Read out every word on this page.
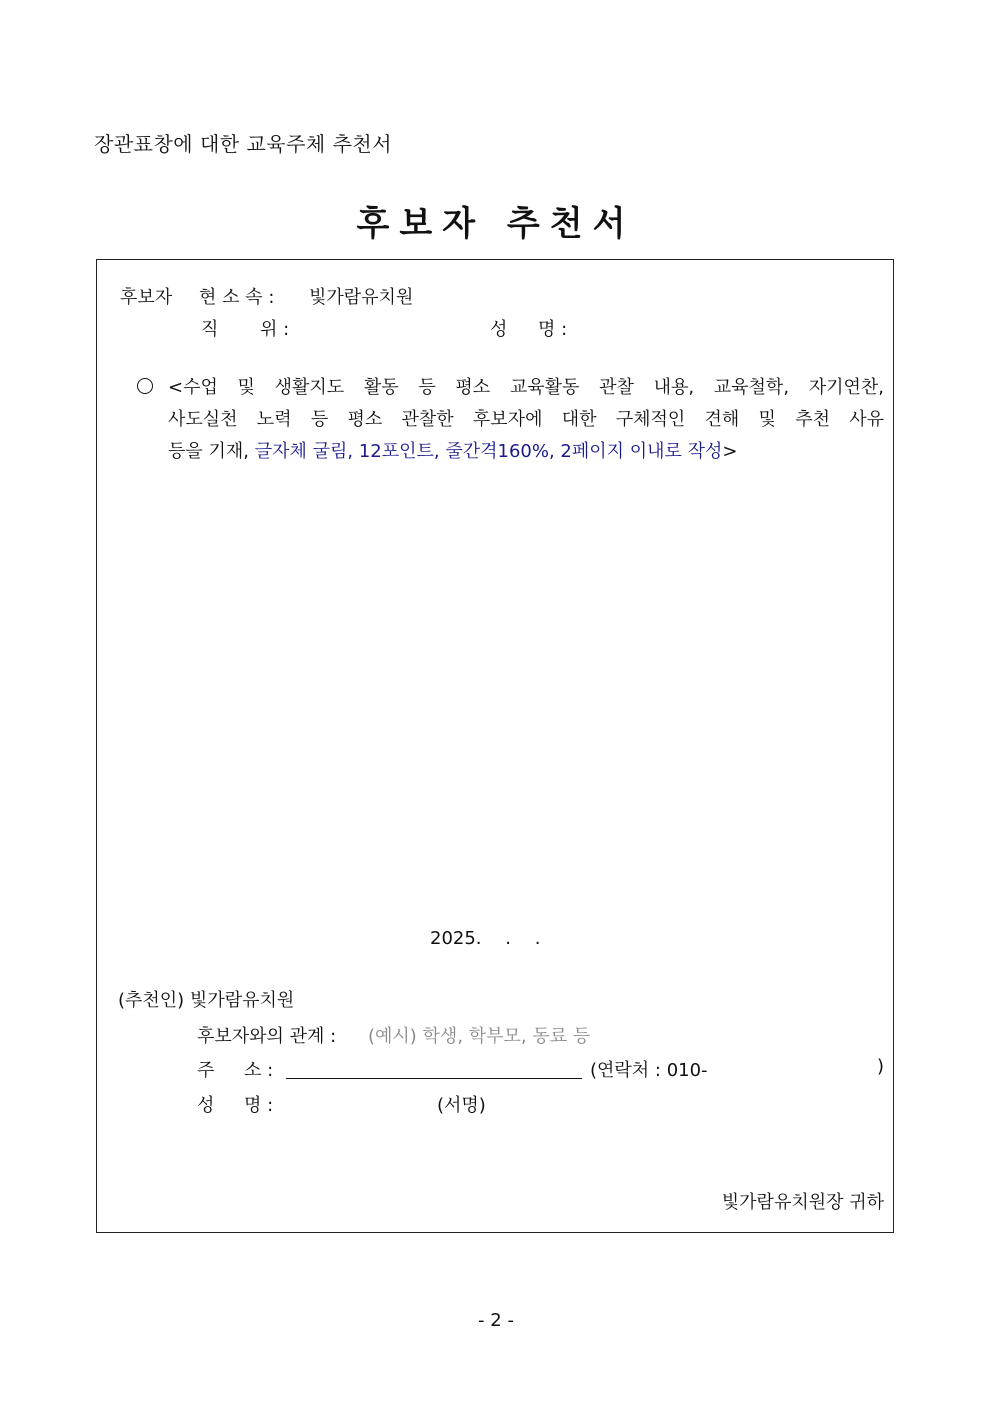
장관표창에 대한 교육주체 추천서
후보자 추천서
후보자 현 소 속 : 빛가람유치원
직 위 :	성 명 :
<수업 및 생활지도 활동 등 평소 교육활동 관찰 내용, 교육철학, 자기연찬,
사도실천 노력 등 평소 관찰한 후보자에 대한 구체적인 견해 및 추천 사유
등을 기재, 글자체 굴림, 12포인트, 줄간격160%, 2페이지 이내로 작성>
2025.　 .　 .
(추천인) 빛가람유치원
후보자와의 관계 : (예시) 학생, 학부모, 동료 등
주 소 :	(연락처 : 010-	)
성 명 :	(서명)
빛가람유치원장 귀하
- 2 -
